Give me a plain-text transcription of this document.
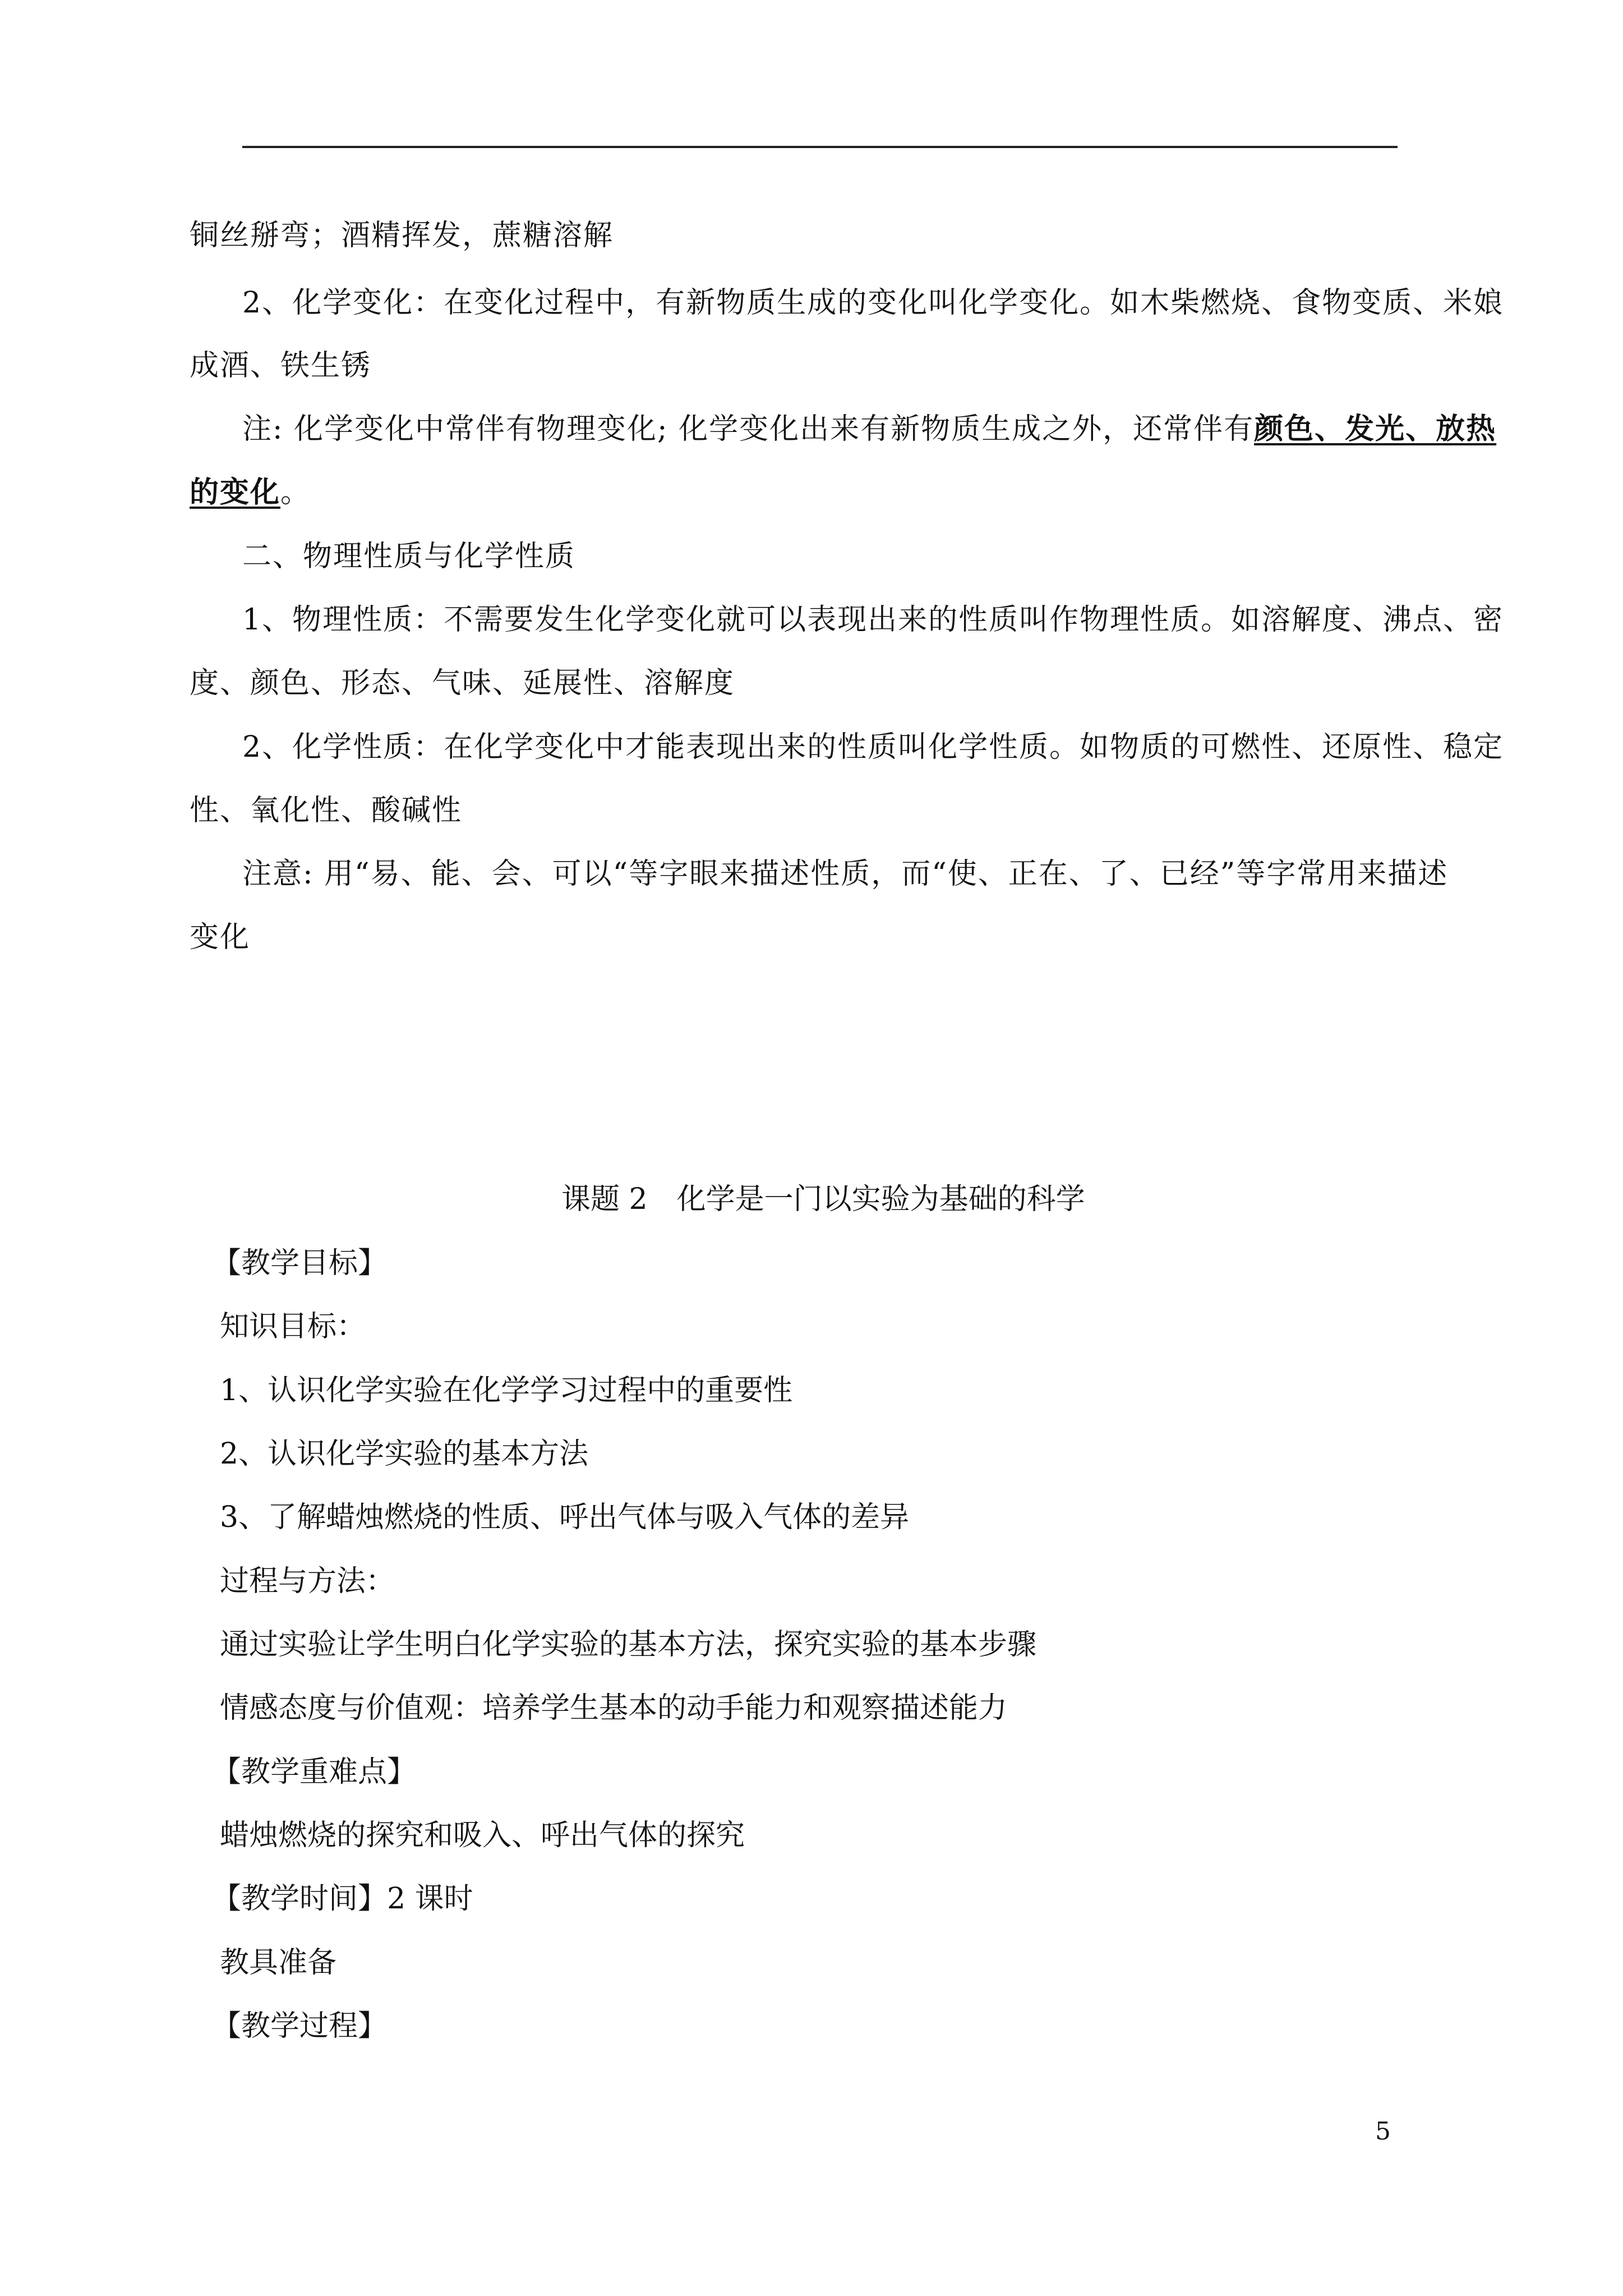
铜丝掰弯；酒精挥发，蔗糖溶解
2、化学变化：在变化过程中，有新物质生成的变化叫化学变化。如木柴燃烧、食物变质、米娘
成酒、铁生锈
注: 化学变化中常伴有物理变化; 化学变化出来有新物质生成之外，还常伴有颜色、发光、放热
的变化。
二、物理性质与化学性质
1、物理性质：不需要发生化学变化就可以表现出来的性质叫作物理性质。如溶解度、沸点、密
度、颜色、形态、气味、延展性、溶解度
2、化学性质：在化学变化中才能表现出来的性质叫化学性质。如物质的可燃性、还原性、稳定
性、氧化性、酸碱性
注意: 用“易、能、会、可以“等字眼来描述性质，而“使、正在、了、已经”等字常用来描述
变化
课题 2　化学是一门以实验为基础的科学
【教学目标】
知识目标：
1、认识化学实验在化学学习过程中的重要性
2、认识化学实验的基本方法
3、了解蜡烛燃烧的性质、呼出气体与吸入气体的差异
过程与方法：
通过实验让学生明白化学实验的基本方法，探究实验的基本步骤
情感态度与价值观：培养学生基本的动手能力和观察描述能力
【教学重难点】
蜡烛燃烧的探究和吸入、呼出气体的探究
【教学时间】2 课时
教具准备
【教学过程】
5
